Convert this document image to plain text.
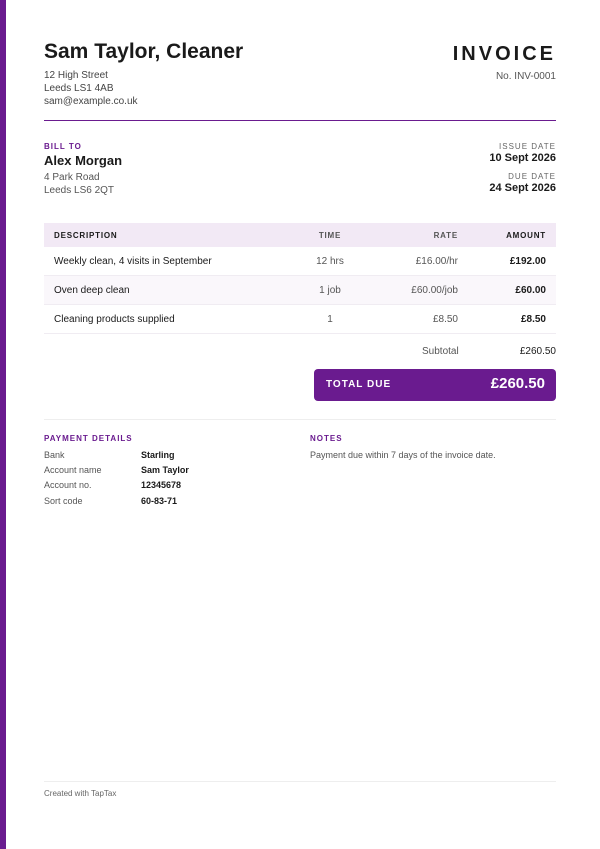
Sam Taylor, Cleaner
12 High Street
Leeds LS1 4AB
sam@example.co.uk
INVOICE
No. INV-0001
BILL TO
Alex Morgan
4 Park Road
Leeds LS6 2QT
ISSUE DATE
10 Sept 2026
DUE DATE
24 Sept 2026
DESCRIPTION	TIME	RATE	AMOUNT
Weekly clean, 4 visits in September	12 hrs	£16.00/hr	£192.00
Oven deep clean	1 job	£60.00/job	£60.00
Cleaning products supplied	1	£8.50	£8.50
Subtotal	£260.50
TOTAL DUE	£260.50
PAYMENT DETAILS
Bank	Starling
Account name	Sam Taylor
Account no.	12345678
Sort code	60-83-71
NOTES
Payment due within 7 days of the invoice date.
Created with TapTax
